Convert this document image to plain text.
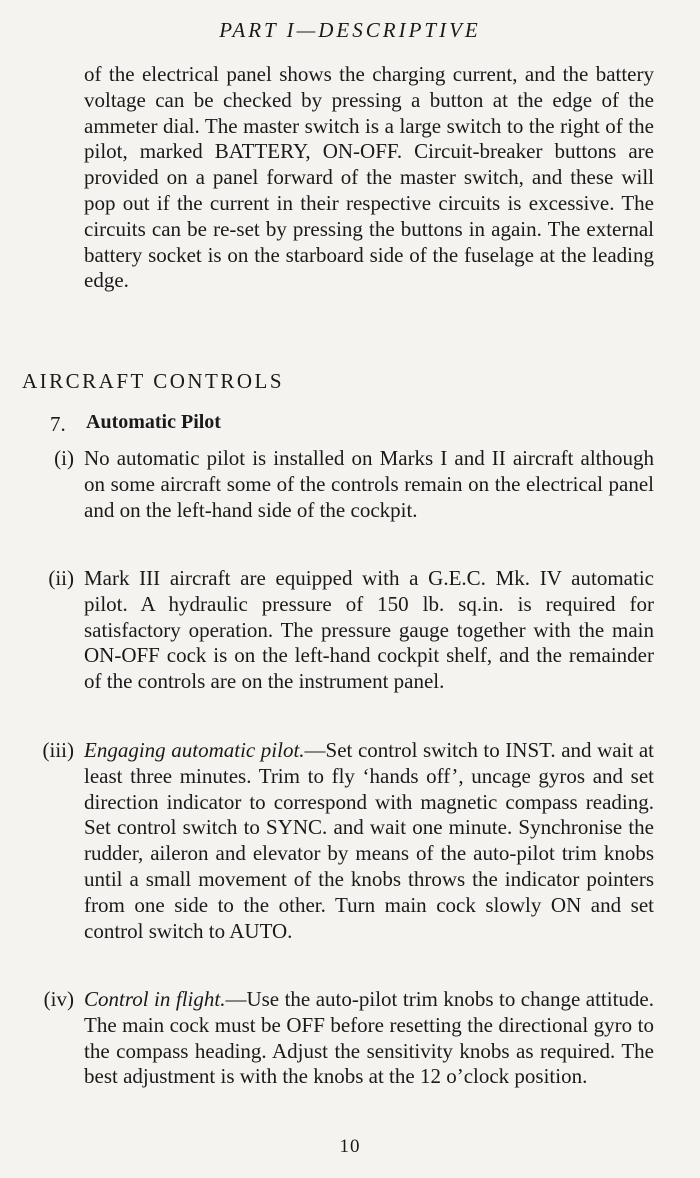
PART I—DESCRIPTIVE

of the electrical panel shows the charging current, and the battery voltage can be checked by pressing a button at the edge of the ammeter dial. The master switch is a large switch to the right of the pilot, marked BATTERY, ON-OFF. Circuit-breaker buttons are provided on a panel forward of the master switch, and these will pop out if the current in their respective circuits is excessive. The circuits can be re-set by pressing the buttons in again. The external battery socket is on the starboard side of the fuselage at the leading edge.

AIRCRAFT CONTROLS
7. Automatic Pilot
(i) No automatic pilot is installed on Marks I and II aircraft although on some aircraft some of the controls remain on the electrical panel and on the left-hand side of the cockpit.

(ii) Mark III aircraft are equipped with a G.E.C. Mk. IV automatic pilot. A hydraulic pressure of 150 lb. sq.in. is required for satisfactory operation. The pressure gauge together with the main ON-OFF cock is on the left-hand cockpit shelf, and the remainder of the controls are on the instrument panel.

(iii) Engaging automatic pilot.—Set control switch to INST. and wait at least three minutes. Trim to fly ‘hands off’, uncage gyros and set direction indicator to correspond with magnetic compass reading. Set control switch to SYNC. and wait one minute. Synchronise the rudder, aileron and elevator by means of the auto-pilot trim knobs until a small movement of the knobs throws the indicator pointers from one side to the other. Turn main cock slowly ON and set control switch to AUTO.

(iv) Control in flight.—Use the auto-pilot trim knobs to change attitude. The main cock must be OFF before resetting the directional gyro to the compass heading. Adjust the sensitivity knobs as required. The best adjustment is with the knobs at the 12 o’clock position.

10
